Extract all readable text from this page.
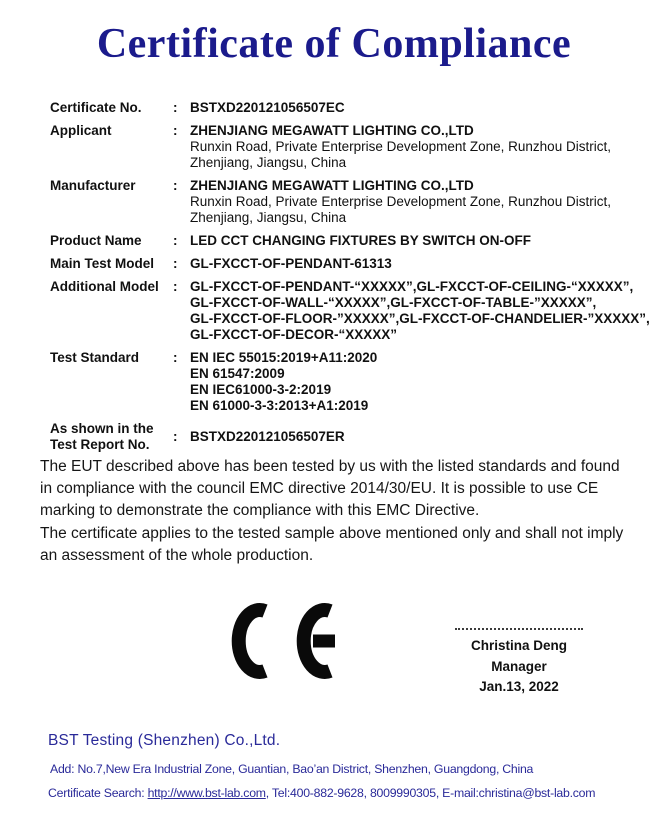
Certificate of Compliance
Certificate No.	: BSTXD220121056507EC
Applicant	: ZHENJIANG MEGAWATT LIGHTING CO.,LTD
Runxin Road, Private Enterprise Development Zone, Runzhou District,
Zhenjiang, Jiangsu, China
Manufacturer	: ZHENJIANG MEGAWATT LIGHTING CO.,LTD
Runxin Road, Private Enterprise Development Zone, Runzhou District,
Zhenjiang, Jiangsu, China
Product Name	: LED CCT CHANGING FIXTURES BY SWITCH ON-OFF
Main Test Model	: GL-FXCCT-OF-PENDANT-61313
Additional Model	: GL-FXCCT-OF-PENDANT-“XXXXX”,GL-FXCCT-OF-CEILING-“XXXXX”,
GL-FXCCT-OF-WALL-“XXXXX”,GL-FXCCT-OF-TABLE-”XXXXX”,
GL-FXCCT-OF-FLOOR-”XXXXX”,GL-FXCCT-OF-CHANDELIER-”XXXXX”,
GL-FXCCT-OF-DECOR-“XXXXX”
Test Standard	: EN IEC 55015:2019+A11:2020
EN 61547:2009
EN IEC61000-3-2:2019
EN 61000-3-3:2013+A1:2019
As shown in the
Test Report No.
: BSTXD220121056507ER
The EUT described above has been tested by us with the listed standards and found
in compliance with the council EMC directive 2014/30/EU. It is possible to use CE
marking to demonstrate the compliance with this EMC Directive.
The certificate applies to the tested sample above mentioned only and shall not imply
an assessment of the whole production.
Christina Deng
Manager
Jan.13, 2022
BST Testing (Shenzhen) Co.,Ltd.
Add: No.7,New Era Industrial Zone, Guantian, Bao’an District, Shenzhen, Guangdong, China
Certificate Search: http://www.bst-lab.com, Tel:400-882-9628, 8009990305, E-mail:christina@bst-lab.com
